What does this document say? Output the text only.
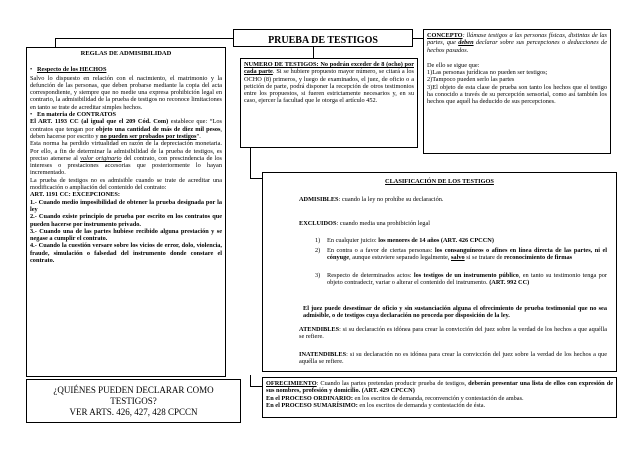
PRUEBA DE TESTIGOS
REGLAS DE ADMISIBILIDAD
• Respecto de los HECHOS

Salvo lo dispuesto en relación con el nacimiento, el matrimonio y la defunción de las personas, que deben probarse mediante la copia del acta correspondiente, y siempre que no medie una expresa prohibición legal en contrario, la admisibilidad de la prueba de testigos no reconoce limitaciones en tanto se trate de acreditar simples hechos.

• En materia de CONTRATOS

El ART. 1193 CC (al igual que el 209 Cód. Com) establece que: “Los contratos que tengan por objeto una cantidad de más de diez mil pesos, deben hacerse por escrito y no pueden ser probados por testigos”.

Esta norma ha perdido virtualidad en razón de la depreciación monetaria. Por ello, a fin de determinar la admisibilidad de la prueba de testigos, es preciso atenerse al valor originario del contrato, con prescindencia de los intereses o prestaciones accesorias que posteriormente lo hayan incrementado.

La prueba de testigos no es admisible cuando se trate de acreditar una modificación o ampliación del contenido del contrato:

ART. 1191 CC: EXCEPCIONES:

1.- Cuando medio imposibilidad de obtener la prueba designada por la ley

2.- Cuando existe principio de prueba por escrito en los contratos que pueden hacerse por instrumento privado.

3.- Cuando una de las partes hubiese recibido alguna prestación y se negase a cumplir el contrato.

4.- Cuando la cuestión versare sobre los vicios de error, dolo, violencia, fraude, simulación o falsedad del instrumento donde constare el contrato.

NUMERO DE TESTIGOS: No podrán exceder de 8 (ocho) por cada parte. Si se hubiere propuesto mayor número, se citará a los OCHO (8) primeros, y luego de examinados, el juez, de oficio o a petición de parte, podrá disponer la recepción de otros testimonios entre los propuestos, si fueren estrictamente necesarios y, en su caso, ejercer la facultad que le otorga el artículo 452.

CONCEPTO: llámase testigos a las personas físicas, distintas de las partes, que deben declarar sobre sus percepciones o deducciones de hechos pasados.

De ello se sigue que:

1)Las personas jurídicas no pueden ser testigos;

2)Tampoco pueden serlo las partes

3)El objeto de esta clase de prueba son tanto los hechos que el testigo ha conocido a través de su percepción sensorial, como así también los hechos que aquél ha deducido de sus percepciones.

CLASIFICACIÓN DE LOS TESTIGOS
ADMISIBLES: cuando la ley no prohíbe su declaración.
EXCLUIDOS: cuando media una prohibición legal
1) En cualquier juicio: los menores de 14 años (ART. 426 CPCCN)
2) En contra o a favor de ciertas personas: los consanguíneos o afines en línea directa de las partes, ni el cónyuge, aunque estuviere separado legalmente, salvo si se tratare de reconocimiento de firmas
3) Respecto de determinados actos: los testigos de un instrumento público, en tanto su testimonio tenga por objeto contradecir, variar o alterar el contenido del instrumento. (ART. 992 CC)

El juez puede desestimar de oficio y sin sustanciación alguna el ofrecimiento de prueba testimonial que no sea admisible, o de testigos cuya declaración no proceda por disposición de la ley.

ATENDIBLES: si su declaración es idónea para crear la convicción del juez sobre la verdad de los hechos a que aquélla se refiere.
INATENDIBLES: si su declaración no es idónea para crear la convicción del juez sobre la verdad de los hechos a que aquélla se refiere.
¿QUIÉNES PUEDEN DECLARAR COMO TESTIGOS?
VER ARTS. 426, 427, 428 CPCCN

OFRECIMIENTO: Cuando las partes pretendan producir prueba de testigos, deberán presentar una lista de ellos con expresión de sus nombres, profesión y domicilio. (ART. 429 CPCCN)

En el PROCESO ORDINARIO: en los escritos de demanda, reconvención y contestación de ambas.

En el PROCESO SUMARÍSIMO: en los escritos de demanda y contestación de ésta.
